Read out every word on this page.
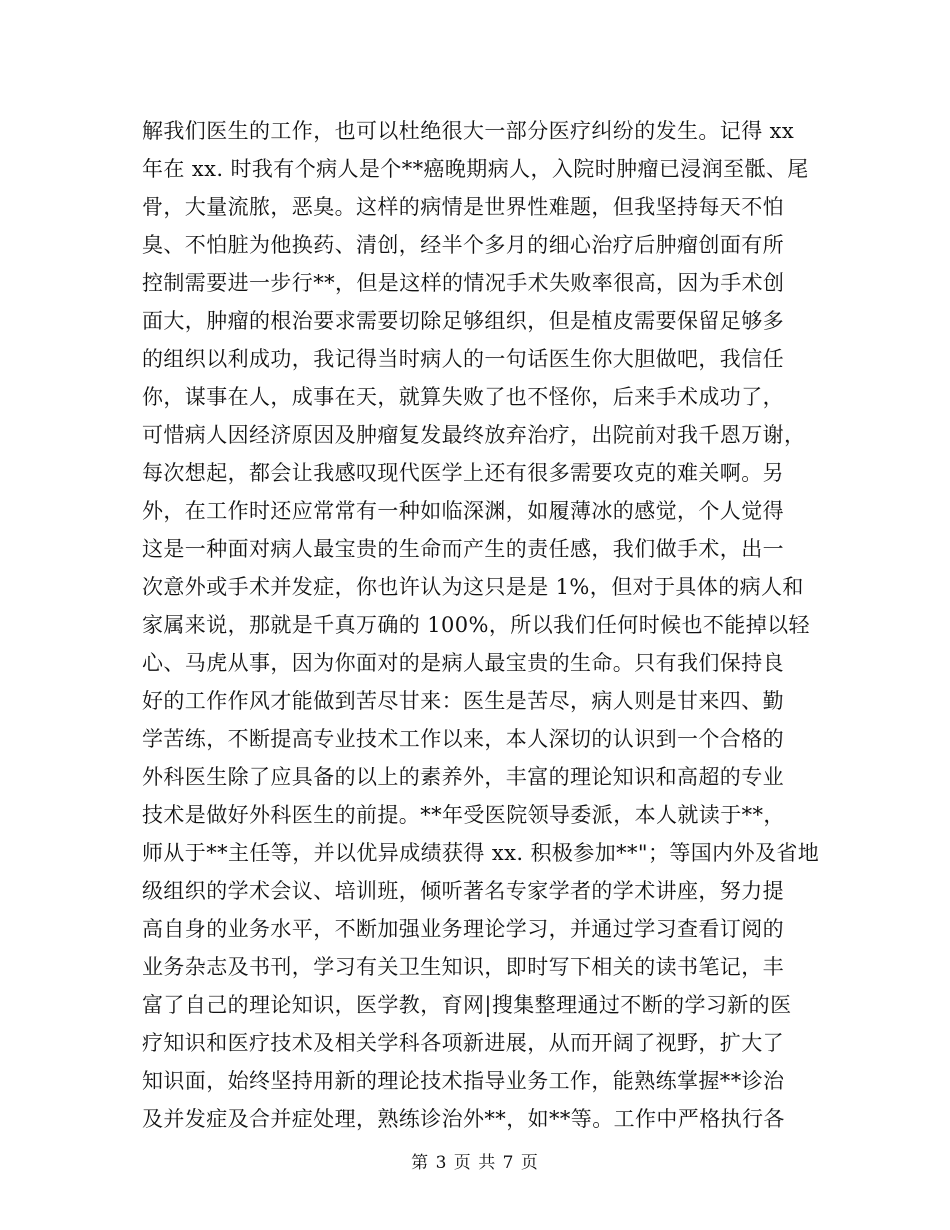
解我们医生的工作，也可以杜绝很大一部分医疗纠纷的发生。记得 xx
年在 xx. 时我有个病人是个**癌晚期病人，入院时肿瘤已浸润至骶、尾
骨，大量流脓，恶臭。这样的病情是世界性难题，但我坚持每天不怕
臭、不怕脏为他换药、清创，经半个多月的细心治疗后肿瘤创面有所
控制需要进一步行**，但是这样的情况手术失败率很高，因为手术创
面大，肿瘤的根治要求需要切除足够组织，但是植皮需要保留足够多
的组织以利成功，我记得当时病人的一句话医生你大胆做吧，我信任
你，谋事在人，成事在天，就算失败了也不怪你，后来手术成功了，
可惜病人因经济原因及肿瘤复发最终放弃治疗，出院前对我千恩万谢，
每次想起，都会让我感叹现代医学上还有很多需要攻克的难关啊。另
外，在工作时还应常常有一种如临深渊，如履薄冰的感觉，个人觉得
这是一种面对病人最宝贵的生命而产生的责任感，我们做手术，出一
次意外或手术并发症，你也许认为这只是是 1%，但对于具体的病人和
家属来说，那就是千真万确的 100%，所以我们任何时候也不能掉以轻
心、马虎从事，因为你面对的是病人最宝贵的生命。只有我们保持良
好的工作作风才能做到苦尽甘来：医生是苦尽，病人则是甘来四、勤
学苦练，不断提高专业技术工作以来，本人深切的认识到一个合格的
外科医生除了应具备的以上的素养外，丰富的理论知识和高超的专业
技术是做好外科医生的前提。**年受医院领导委派，本人就读于**，
师从于**主任等，并以优异成绩获得 xx. 积极参加**"；等国内外及省地
级组织的学术会议、培训班，倾听著名专家学者的学术讲座，努力提
高自身的业务水平，不断加强业务理论学习，并通过学习查看订阅的
业务杂志及书刊，学习有关卫生知识，即时写下相关的读书笔记，丰
富了自己的理论知识，医学教，育网|搜集整理通过不断的学习新的医
疗知识和医疗技术及相关学科各项新进展，从而开阔了视野，扩大了
知识面，始终坚持用新的理论技术指导业务工作，能熟练掌握**诊治
及并发症及合并症处理，熟练诊治外**，如**等。工作中严格执行各
第 3 页 共 7 页
